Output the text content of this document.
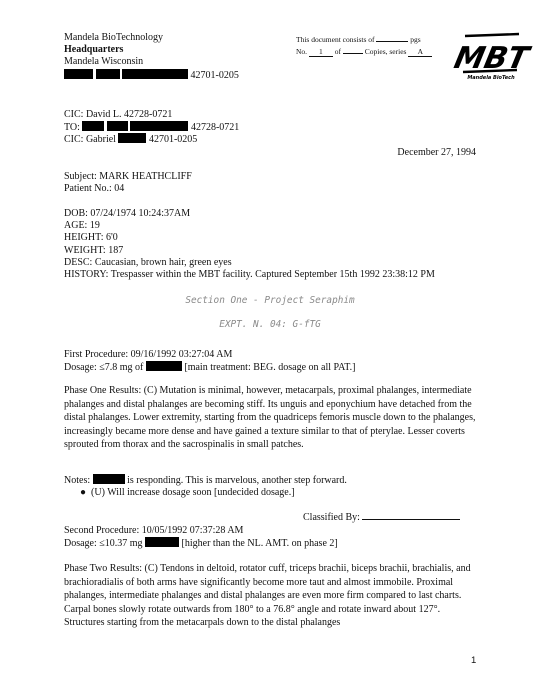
Mandela BioTechnology
Headquarters
Mandela Wisconsin
42701-0205
This document consists of	pgs
No. 1 of	Copies, series A MBT
Mandela BioTech
CIC: David L. 42728-0721
TO:	42728-0721
CIC: Gabriel	42701-0205
December 27, 1994
Subject: MARK HEATHCLIFF
Patient No.: 04
DOB: 07/24/1974 10:24:37AM
AGE: 19
HEIGHT: 6'0
WEIGHT: 187
DESC: Caucasian, brown hair, green eyes
HISTORY: Trespasser within the MBT facility. Captured September 15th 1992 23:38:12 PM
Section One - Project Seraphim
EXPT. N. 04: G-fTG
First Procedure: 09/16/1992 03:27:04 AM
Dosage: ≤7.8 mg of	[main treatment: BEG. dosage on all PAT.]
Phase One Results: (C) Mutation is minimal, however, metacarpals, proximal phalanges, intermediate phalanges and distal phalanges are becoming stiff. Its unguis and eponychium have detached from the distal phalanges. Lower extremity, starting from the quadriceps femoris muscle down to the phalanges, increasingly became more dense and have gained a texture similar to that of pterylae. Lesser coverts sprouted from thorax and the sacrospinalis in small patches.
Notes:	is responding. This is marvelous, another step forward.
● (U) Will increase dosage soon [undecided dosage.]
Classified By:
Second Procedure: 10/05/1992 07:37:28 AM
Dosage: ≤10.37 mg	[higher than the NL. AMT. on phase 2]
Phase Two Results: (C) Tendons in deltoid, rotator cuff, triceps brachii, biceps brachii, brachialis, and brachioradialis of both arms have significantly become more taut and almost immobile. Proximal phalanges, intermediate phalanges and distal phalanges are even more firm compared to last charts. Carpal bones slowly rotate outwards from 180° to a 76.8° angle and rotate inward about 127°. Structures starting from the metacarpals down to the distal phalanges
1
